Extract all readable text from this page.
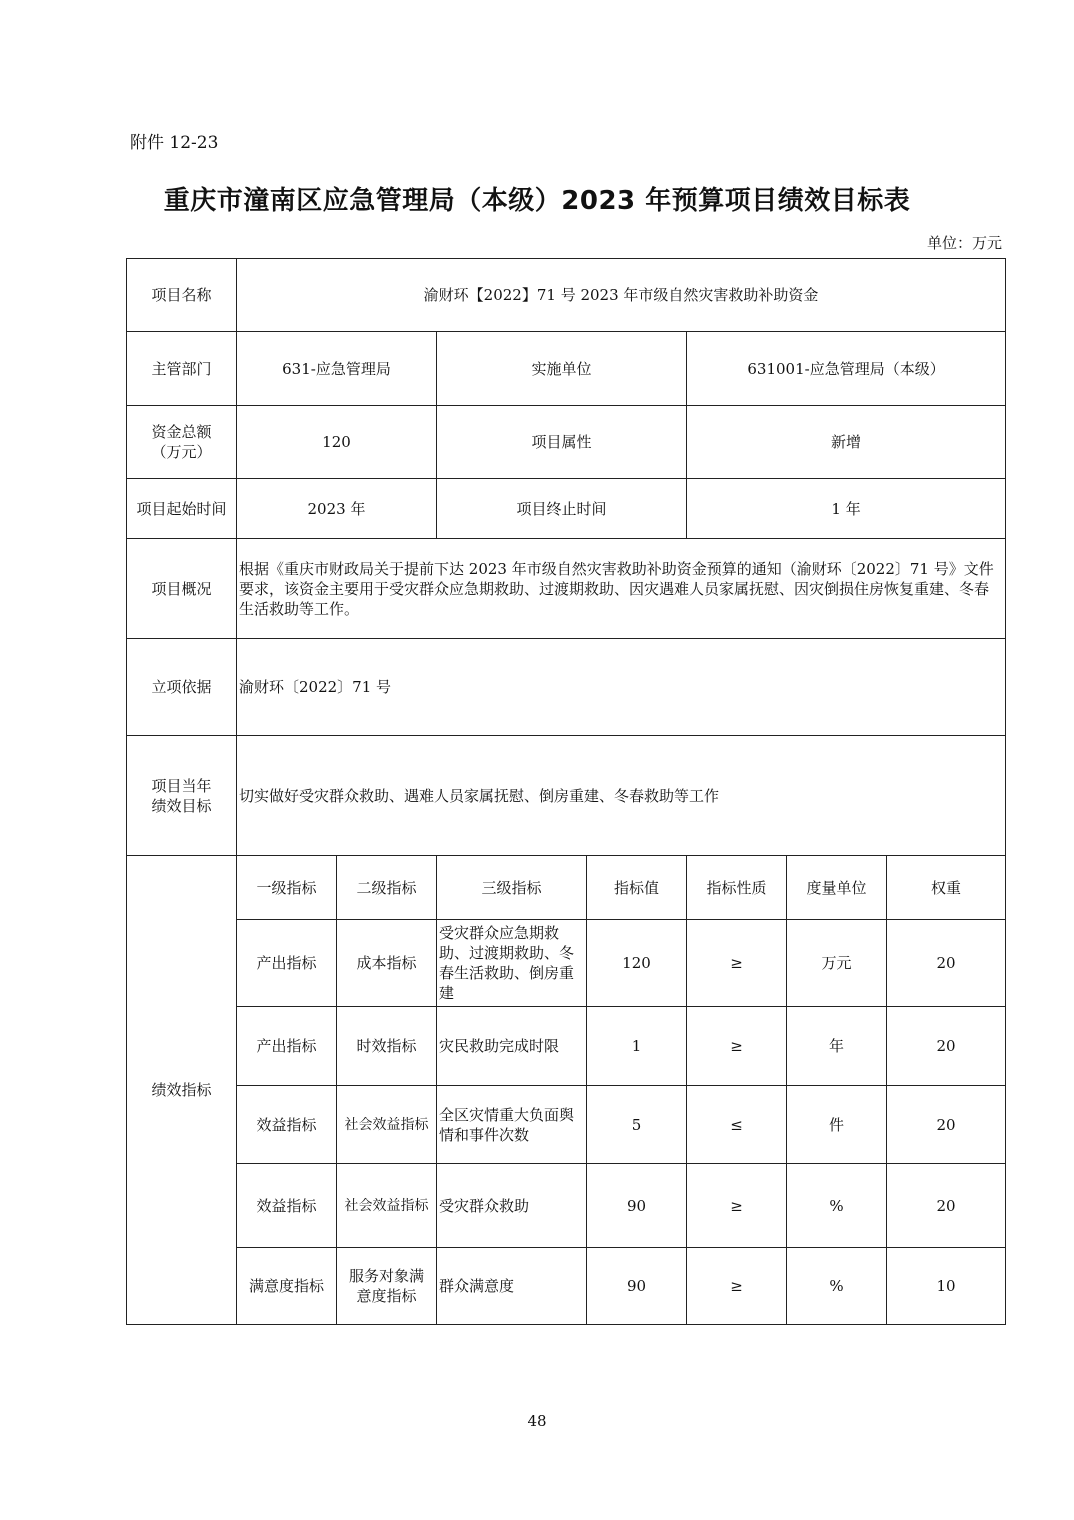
附件 12-23
重庆市潼南区应急管理局（本级）2023 年预算项目绩效目标表
单位：万元
项目名称	渝财环【2022】71 号 2023 年市级自然灾害救助补助资金						
主管部门	631-应急管理局		实施单位		631001-应急管理局（本级）		
资金总额
（万元）	120		项目属性		新增		
项目起始时间	2023 年		项目终止时间		1 年		
项目概况	根据《重庆市财政局关于提前下达 2023 年市级自然灾害救助补助资金预算的通知（渝财环〔2022〕71 号》文件要求，该资金主要用于受灾群众应急期救助、过渡期救助、因灾遇难人员家属抚慰、因灾倒损住房恢复重建、冬春生活救助等工作。						
立项依据	渝财环〔2022〕71 号						
项目当年
绩效目标	切实做好受灾群众救助、遇难人员家属抚慰、倒房重建、冬春救助等工作						
绩效指标	一级指标	二级指标	三级指标	指标值	指标性质	度量单位	权重
	产出指标	成本指标	受灾群众应急期救助、过渡期救助、冬春生活救助、倒房重建	120	≥	万元	20
	产出指标	时效指标	灾民救助完成时限	1	≥	年	20
	效益指标	社会效益指标	全区灾情重大负面舆情和事件次数	5	≤	件	20
	效益指标	社会效益指标	受灾群众救助	90	≥	%	20
	满意度指标	服务对象满意度指标	群众满意度	90	≥	%	10
48
